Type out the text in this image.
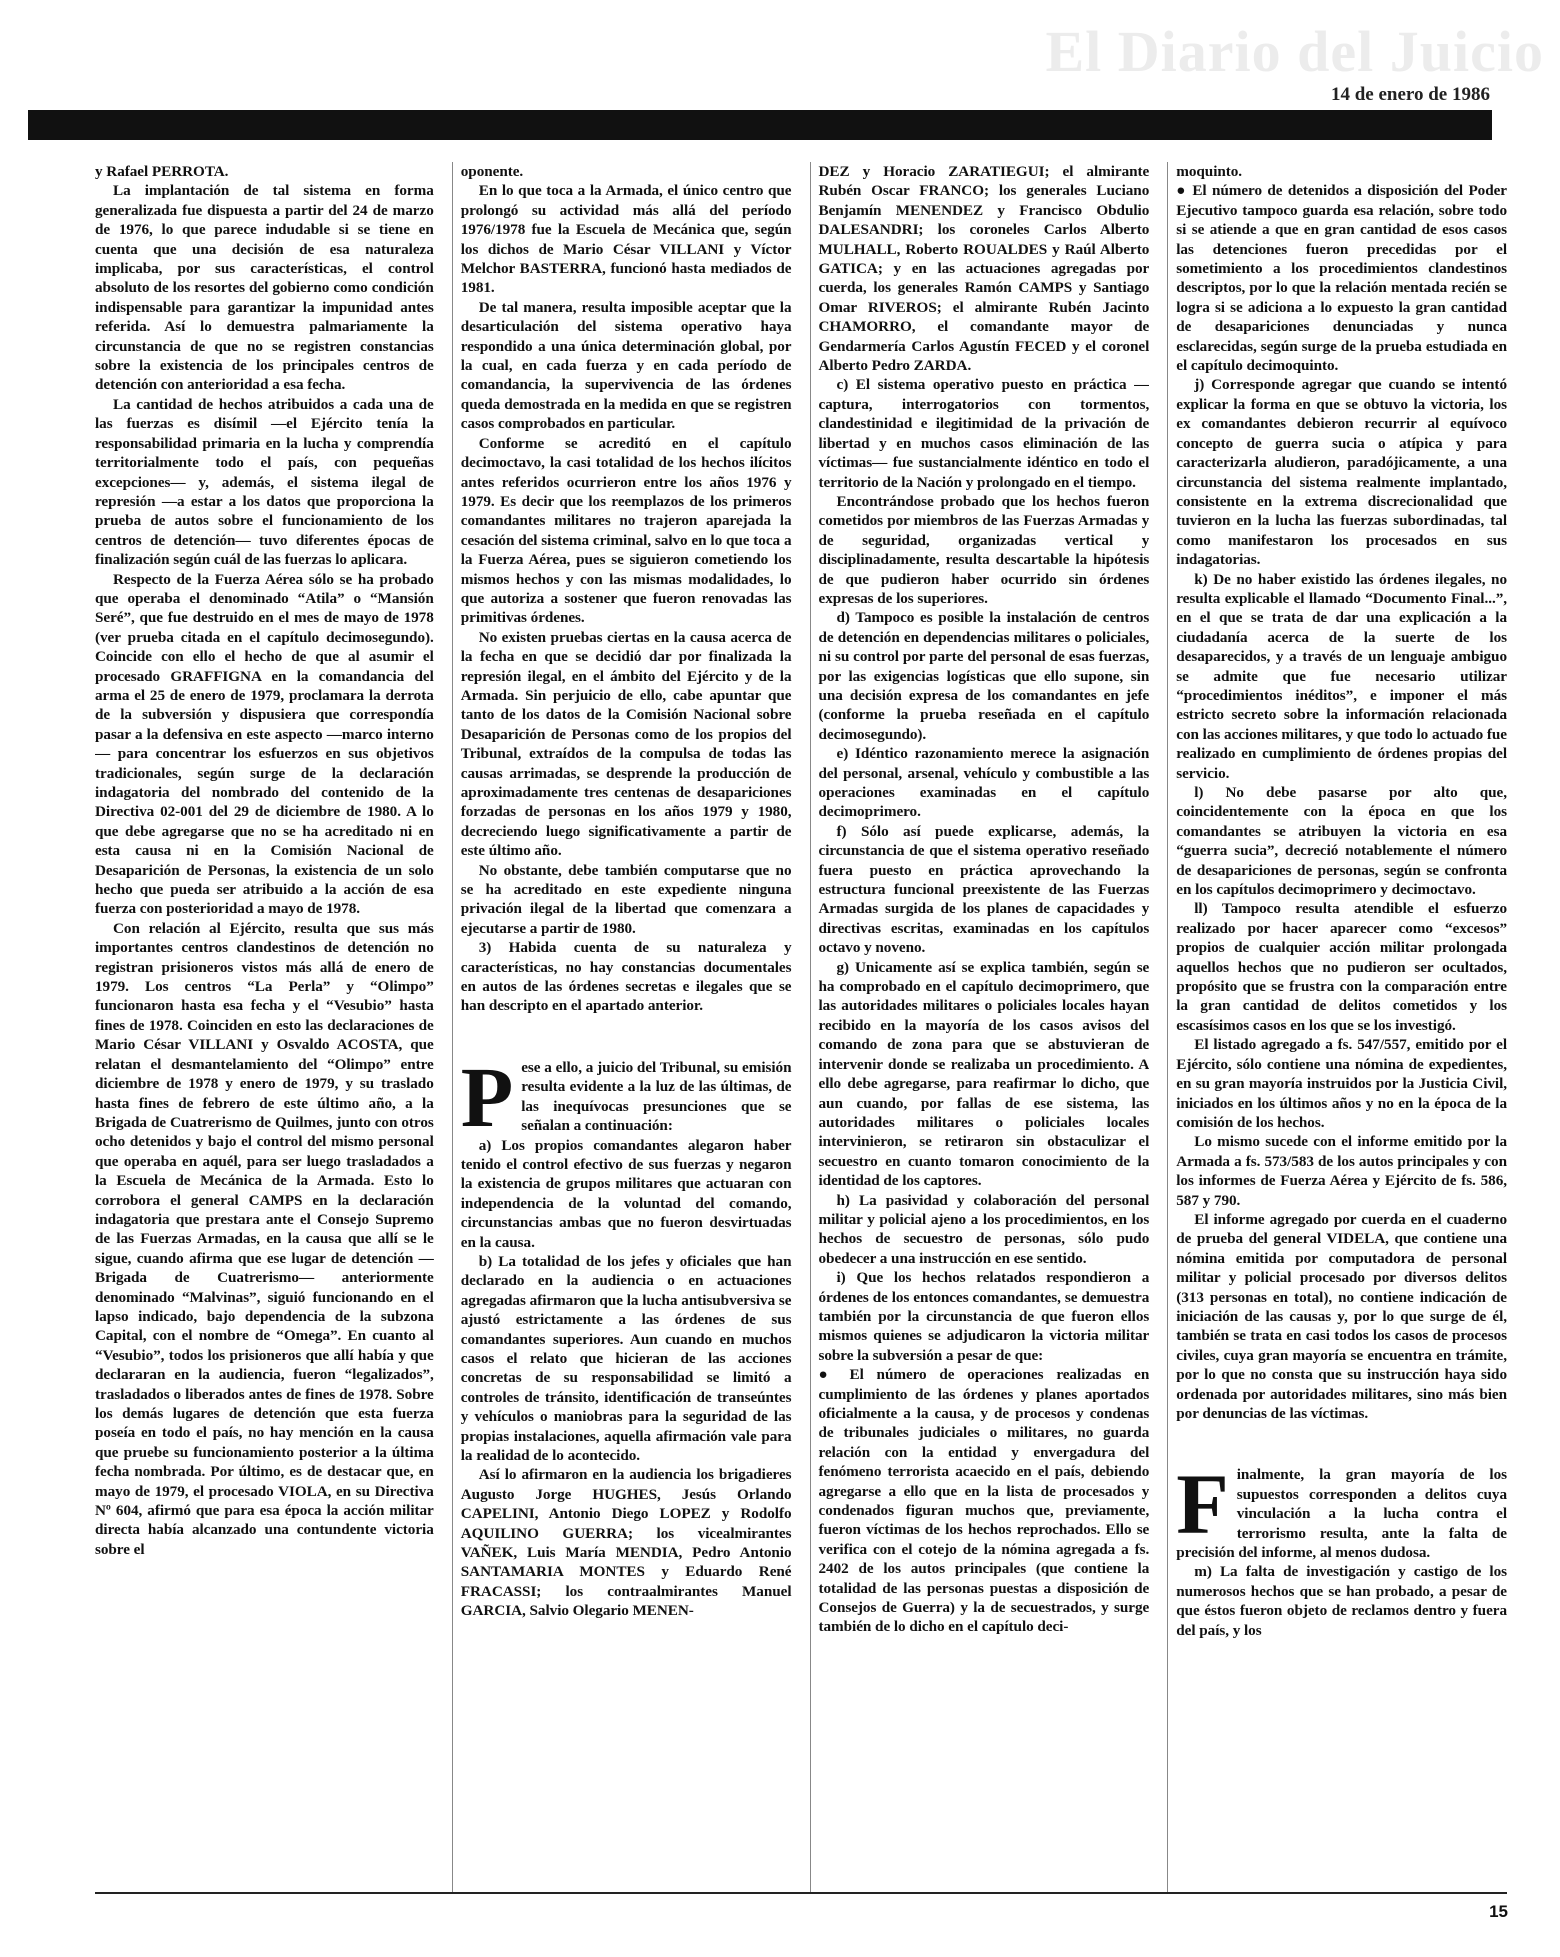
El Diario del Juicio
14 de enero de 1986

y Rafael PERROTA.

La implantación de tal sistema en forma generalizada fue dispuesta a partir del 24 de marzo de 1976, lo que parece indudable si se tiene en cuenta que una decisión de esa naturaleza implicaba, por sus características, el control absoluto de los resortes del gobierno como condición indispensable para garantizar la impunidad antes referida. Así lo demuestra palmariamente la circunstancia de que no se registren constancias sobre la existencia de los principales centros de detención con anterioridad a esa fecha.

La cantidad de hechos atribuidos a cada una de las fuerzas es disímil —el Ejército tenía la responsabilidad primaria en la lucha y comprendía territorialmente todo el país, con pequeñas excepciones— y, además, el sistema ilegal de represión —a estar a los datos que proporciona la prueba de autos sobre el funcionamiento de los centros de detención— tuvo diferentes épocas de finalización según cuál de las fuerzas lo aplicara.

Respecto de la Fuerza Aérea sólo se ha probado que operaba el denominado “Atila” o “Mansión Seré”, que fue destruido en el mes de mayo de 1978 (ver prueba citada en el capítulo decimosegundo). Coincide con ello el hecho de que al asumir el procesado GRAFFIGNA en la comandancia del arma el 25 de enero de 1979, proclamara la derrota de la subversión y dispusiera que correspondía pasar a la defensiva en este aspecto —marco interno— para concentrar los esfuerzos en sus objetivos tradicionales, según surge de la declaración indagatoria del nombrado del contenido de la Directiva 02-001 del 29 de diciembre de 1980. A lo que debe agregarse que no se ha acreditado ni en esta causa ni en la Comisión Nacional de Desaparición de Personas, la existencia de un solo hecho que pueda ser atribuido a la acción de esa fuerza con posterioridad a mayo de 1978.

Con relación al Ejército, resulta que sus más importantes centros clandestinos de detención no registran prisioneros vistos más allá de enero de 1979. Los centros “La Perla” y “Olimpo” funcionaron hasta esa fecha y el “Vesubio” hasta fines de 1978. Coinciden en esto las declaraciones de Mario César VILLANI y Osvaldo ACOSTA, que relatan el desmantelamiento del “Olimpo” entre diciembre de 1978 y enero de 1979, y su traslado hasta fines de febrero de este último año, a la Brigada de Cuatrerismo de Quilmes, junto con otros ocho detenidos y bajo el control del mismo personal que operaba en aquél, para ser luego trasladados a la Escuela de Mecánica de la Armada. Esto lo corrobora el general CAMPS en la declaración indagatoria que prestara ante el Consejo Supremo de las Fuerzas Armadas, en la causa que allí se le sigue, cuando afirma que ese lugar de detención —Brigada de Cuatrerismo— anteriormente denominado “Malvinas”, siguió funcionando en el lapso indicado, bajo dependencia de la subzona Capital, con el nombre de “Omega”. En cuanto al “Vesubio”, todos los prisioneros que allí había y que declararan en la audiencia, fueron “legalizados”, trasladados o liberados antes de fines de 1978. Sobre los demás lugares de detención que esta fuerza poseía en todo el país, no hay mención en la causa que pruebe su funcionamiento posterior a la última fecha nombrada. Por último, es de destacar que, en mayo de 1979, el procesado VIOLA, en su Directiva Nº 604, afirmó que para esa época la acción militar directa había alcanzado una contundente victoria sobre el

oponente.

En lo que toca a la Armada, el único centro que prolongó su actividad más allá del período 1976/1978 fue la Escuela de Mecánica que, según los dichos de Mario César VILLANI y Víctor Melchor BASTERRA, funcionó hasta mediados de 1981.

De tal manera, resulta imposible aceptar que la desarticulación del sistema operativo haya respondido a una única determinación global, por la cual, en cada fuerza y en cada período de comandancia, la supervivencia de las órdenes queda demostrada en la medida en que se registren casos comprobados en particular.

Conforme se acreditó en el capítulo decimoctavo, la casi totalidad de los hechos ilícitos antes referidos ocurrieron entre los años 1976 y 1979. Es decir que los reemplazos de los primeros comandantes militares no trajeron aparejada la cesación del sistema criminal, salvo en lo que toca a la Fuerza Aérea, pues se siguieron cometiendo los mismos hechos y con las mismas modalidades, lo que autoriza a sostener que fueron renovadas las primitivas órdenes.

No existen pruebas ciertas en la causa acerca de la fecha en que se decidió dar por finalizada la represión ilegal, en el ámbito del Ejército y de la Armada. Sin perjuicio de ello, cabe apuntar que tanto de los datos de la Comisión Nacional sobre Desaparición de Personas como de los propios del Tribunal, extraídos de la compulsa de todas las causas arrimadas, se desprende la producción de aproximadamente tres centenas de desapariciones forzadas de personas en los años 1979 y 1980, decreciendo luego significativamente a partir de este último año.

No obstante, debe también computarse que no se ha acreditado en este expediente ninguna privación ilegal de la libertad que comenzara a ejecutarse a partir de 1980.

3) Habida cuenta de su naturaleza y características, no hay constancias documentales en autos de las órdenes secretas e ilegales que se han descripto en el apartado anterior.

Pese a ello, a juicio del Tribunal, su emisión resulta evidente a la luz de las últimas, de las inequívocas presunciones que se señalan a continuación:

a) Los propios comandantes alegaron haber tenido el control efectivo de sus fuerzas y negaron la existencia de grupos militares que actuaran con independencia de la voluntad del comando, circunstancias ambas que no fueron desvirtuadas en la causa.

b) La totalidad de los jefes y oficiales que han declarado en la audiencia o en actuaciones agregadas afirmaron que la lucha antisubversiva se ajustó estrictamente a las órdenes de sus comandantes superiores. Aun cuando en muchos casos el relato que hicieran de las acciones concretas de su responsabilidad se limitó a controles de tránsito, identificación de transeúntes y vehículos o maniobras para la seguridad de las propias instalaciones, aquella afirmación vale para la realidad de lo acontecido.

Así lo afirmaron en la audiencia los brigadieres Augusto Jorge HUGHES, Jesús Orlando CAPELINI, Antonio Diego LOPEZ y Rodolfo AQUILINO GUERRA; los vicealmirantes VAÑEK, Luis María MENDIA, Pedro Antonio SANTAMARIA MONTES y Eduardo René FRACASSI; los contraalmirantes Manuel GARCIA, Salvio Olegario MENEN-

DEZ y Horacio ZARATIEGUI; el almirante Rubén Oscar FRANCO; los generales Luciano Benjamín MENENDEZ y Francisco Obdulio DALESANDRI; los coroneles Carlos Alberto MULHALL, Roberto ROUALDES y Raúl Alberto GATICA; y en las actuaciones agregadas por cuerda, los generales Ramón CAMPS y Santiago Omar RIVEROS; el almirante Rubén Jacinto CHAMORRO, el comandante mayor de Gendarmería Carlos Agustín FECED y el coronel Alberto Pedro ZARDA.

c) El sistema operativo puesto en práctica —captura, interrogatorios con tormentos, clandestinidad e ilegitimidad de la privación de libertad y en muchos casos eliminación de las víctimas— fue sustancialmente idéntico en todo el territorio de la Nación y prolongado en el tiempo.

Encontrándose probado que los hechos fueron cometidos por miembros de las Fuerzas Armadas y de seguridad, organizadas vertical y disciplinadamente, resulta descartable la hipótesis de que pudieron haber ocurrido sin órdenes expresas de los superiores.

d) Tampoco es posible la instalación de centros de detención en dependencias militares o policiales, ni su control por parte del personal de esas fuerzas, por las exigencias logísticas que ello supone, sin una decisión expresa de los comandantes en jefe (conforme la prueba reseñada en el capítulo decimosegundo).

e) Idéntico razonamiento merece la asignación del personal, arsenal, vehículo y combustible a las operaciones examinadas en el capítulo decimoprimero.

f) Sólo así puede explicarse, además, la circunstancia de que el sistema operativo reseñado fuera puesto en práctica aprovechando la estructura funcional preexistente de las Fuerzas Armadas surgida de los planes de capacidades y directivas escritas, examinadas en los capítulos octavo y noveno.

g) Unicamente así se explica también, según se ha comprobado en el capítulo decimoprimero, que las autoridades militares o policiales locales hayan recibido en la mayoría de los casos avisos del comando de zona para que se abstuvieran de intervenir donde se realizaba un procedimiento. A ello debe agregarse, para reafirmar lo dicho, que aun cuando, por fallas de ese sistema, las autoridades militares o policiales locales intervinieron, se retiraron sin obstaculizar el secuestro en cuanto tomaron conocimiento de la identidad de los captores.

h) La pasividad y colaboración del personal militar y policial ajeno a los procedimientos, en los hechos de secuestro de personas, sólo pudo obedecer a una instrucción en ese sentido.

i) Que los hechos relatados respondieron a órdenes de los entonces comandantes, se demuestra también por la circunstancia de que fueron ellos mismos quienes se adjudicaron la victoria militar sobre la subversión a pesar de que:

● El número de operaciones realizadas en cumplimiento de las órdenes y planes aportados oficialmente a la causa, y de procesos y condenas de tribunales judiciales o militares, no guarda relación con la entidad y envergadura del fenómeno terrorista acaecido en el país, debiendo agregarse a ello que en la lista de procesados y condenados figuran muchos que, previamente, fueron víctimas de los hechos reprochados. Ello se verifica con el cotejo de la nómina agregada a fs. 2402 de los autos principales (que contiene la totalidad de las personas puestas a disposición de Consejos de Guerra) y la de secuestrados, y surge también de lo dicho en el capítulo deci-

moquinto.

● El número de detenidos a disposición del Poder Ejecutivo tampoco guarda esa relación, sobre todo si se atiende a que en gran cantidad de esos casos las detenciones fueron precedidas por el sometimiento a los procedimientos clandestinos descriptos, por lo que la relación mentada recién se logra si se adiciona a lo expuesto la gran cantidad de desapariciones denunciadas y nunca esclarecidas, según surge de la prueba estudiada en el capítulo decimoquinto.

j) Corresponde agregar que cuando se intentó explicar la forma en que se obtuvo la victoria, los ex comandantes debieron recurrir al equívoco concepto de guerra sucia o atípica y para caracterizarla aludieron, paradójicamente, a una circunstancia del sistema realmente implantado, consistente en la extrema discrecionalidad que tuvieron en la lucha las fuerzas subordinadas, tal como manifestaron los procesados en sus indagatorias.

k) De no haber existido las órdenes ilegales, no resulta explicable el llamado “Documento Final...”, en el que se trata de dar una explicación a la ciudadanía acerca de la suerte de los desaparecidos, y a través de un lenguaje ambiguo se admite que fue necesario utilizar “procedimientos inéditos”, e imponer el más estricto secreto sobre la información relacionada con las acciones militares, y que todo lo actuado fue realizado en cumplimiento de órdenes propias del servicio.

l) No debe pasarse por alto que, coincidentemente con la época en que los comandantes se atribuyen la victoria en esa “guerra sucia”, decreció notablemente el número de desapariciones de personas, según se confronta en los capítulos decimoprimero y decimoctavo.

ll) Tampoco resulta atendible el esfuerzo realizado por hacer aparecer como “excesos” propios de cualquier acción militar prolongada aquellos hechos que no pudieron ser ocultados, propósito que se frustra con la comparación entre la gran cantidad de delitos cometidos y los escasísimos casos en los que se los investigó.

El listado agregado a fs. 547/557, emitido por el Ejército, sólo contiene una nómina de expedientes, en su gran mayoría instruidos por la Justicia Civil, iniciados en los últimos años y no en la época de la comisión de los hechos.

Lo mismo sucede con el informe emitido por la Armada a fs. 573/583 de los autos principales y con los informes de Fuerza Aérea y Ejército de fs. 586, 587 y 790.

El informe agregado por cuerda en el cuaderno de prueba del general VIDELA, que contiene una nómina emitida por computadora de personal militar y policial procesado por diversos delitos (313 personas en total), no contiene indicación de iniciación de las causas y, por lo que surge de él, también se trata en casi todos los casos de procesos civiles, cuya gran mayoría se encuentra en trámite, por lo que no consta que su instrucción haya sido ordenada por autoridades militares, sino más bien por denuncias de las víctimas.

Finalmente, la gran mayoría de los supuestos corresponden a delitos cuya vinculación a la lucha contra el terrorismo resulta, ante la falta de precisión del informe, al menos dudosa.

m) La falta de investigación y castigo de los numerosos hechos que se han probado, a pesar de que éstos fueron objeto de reclamos dentro y fuera del país, y los

15
